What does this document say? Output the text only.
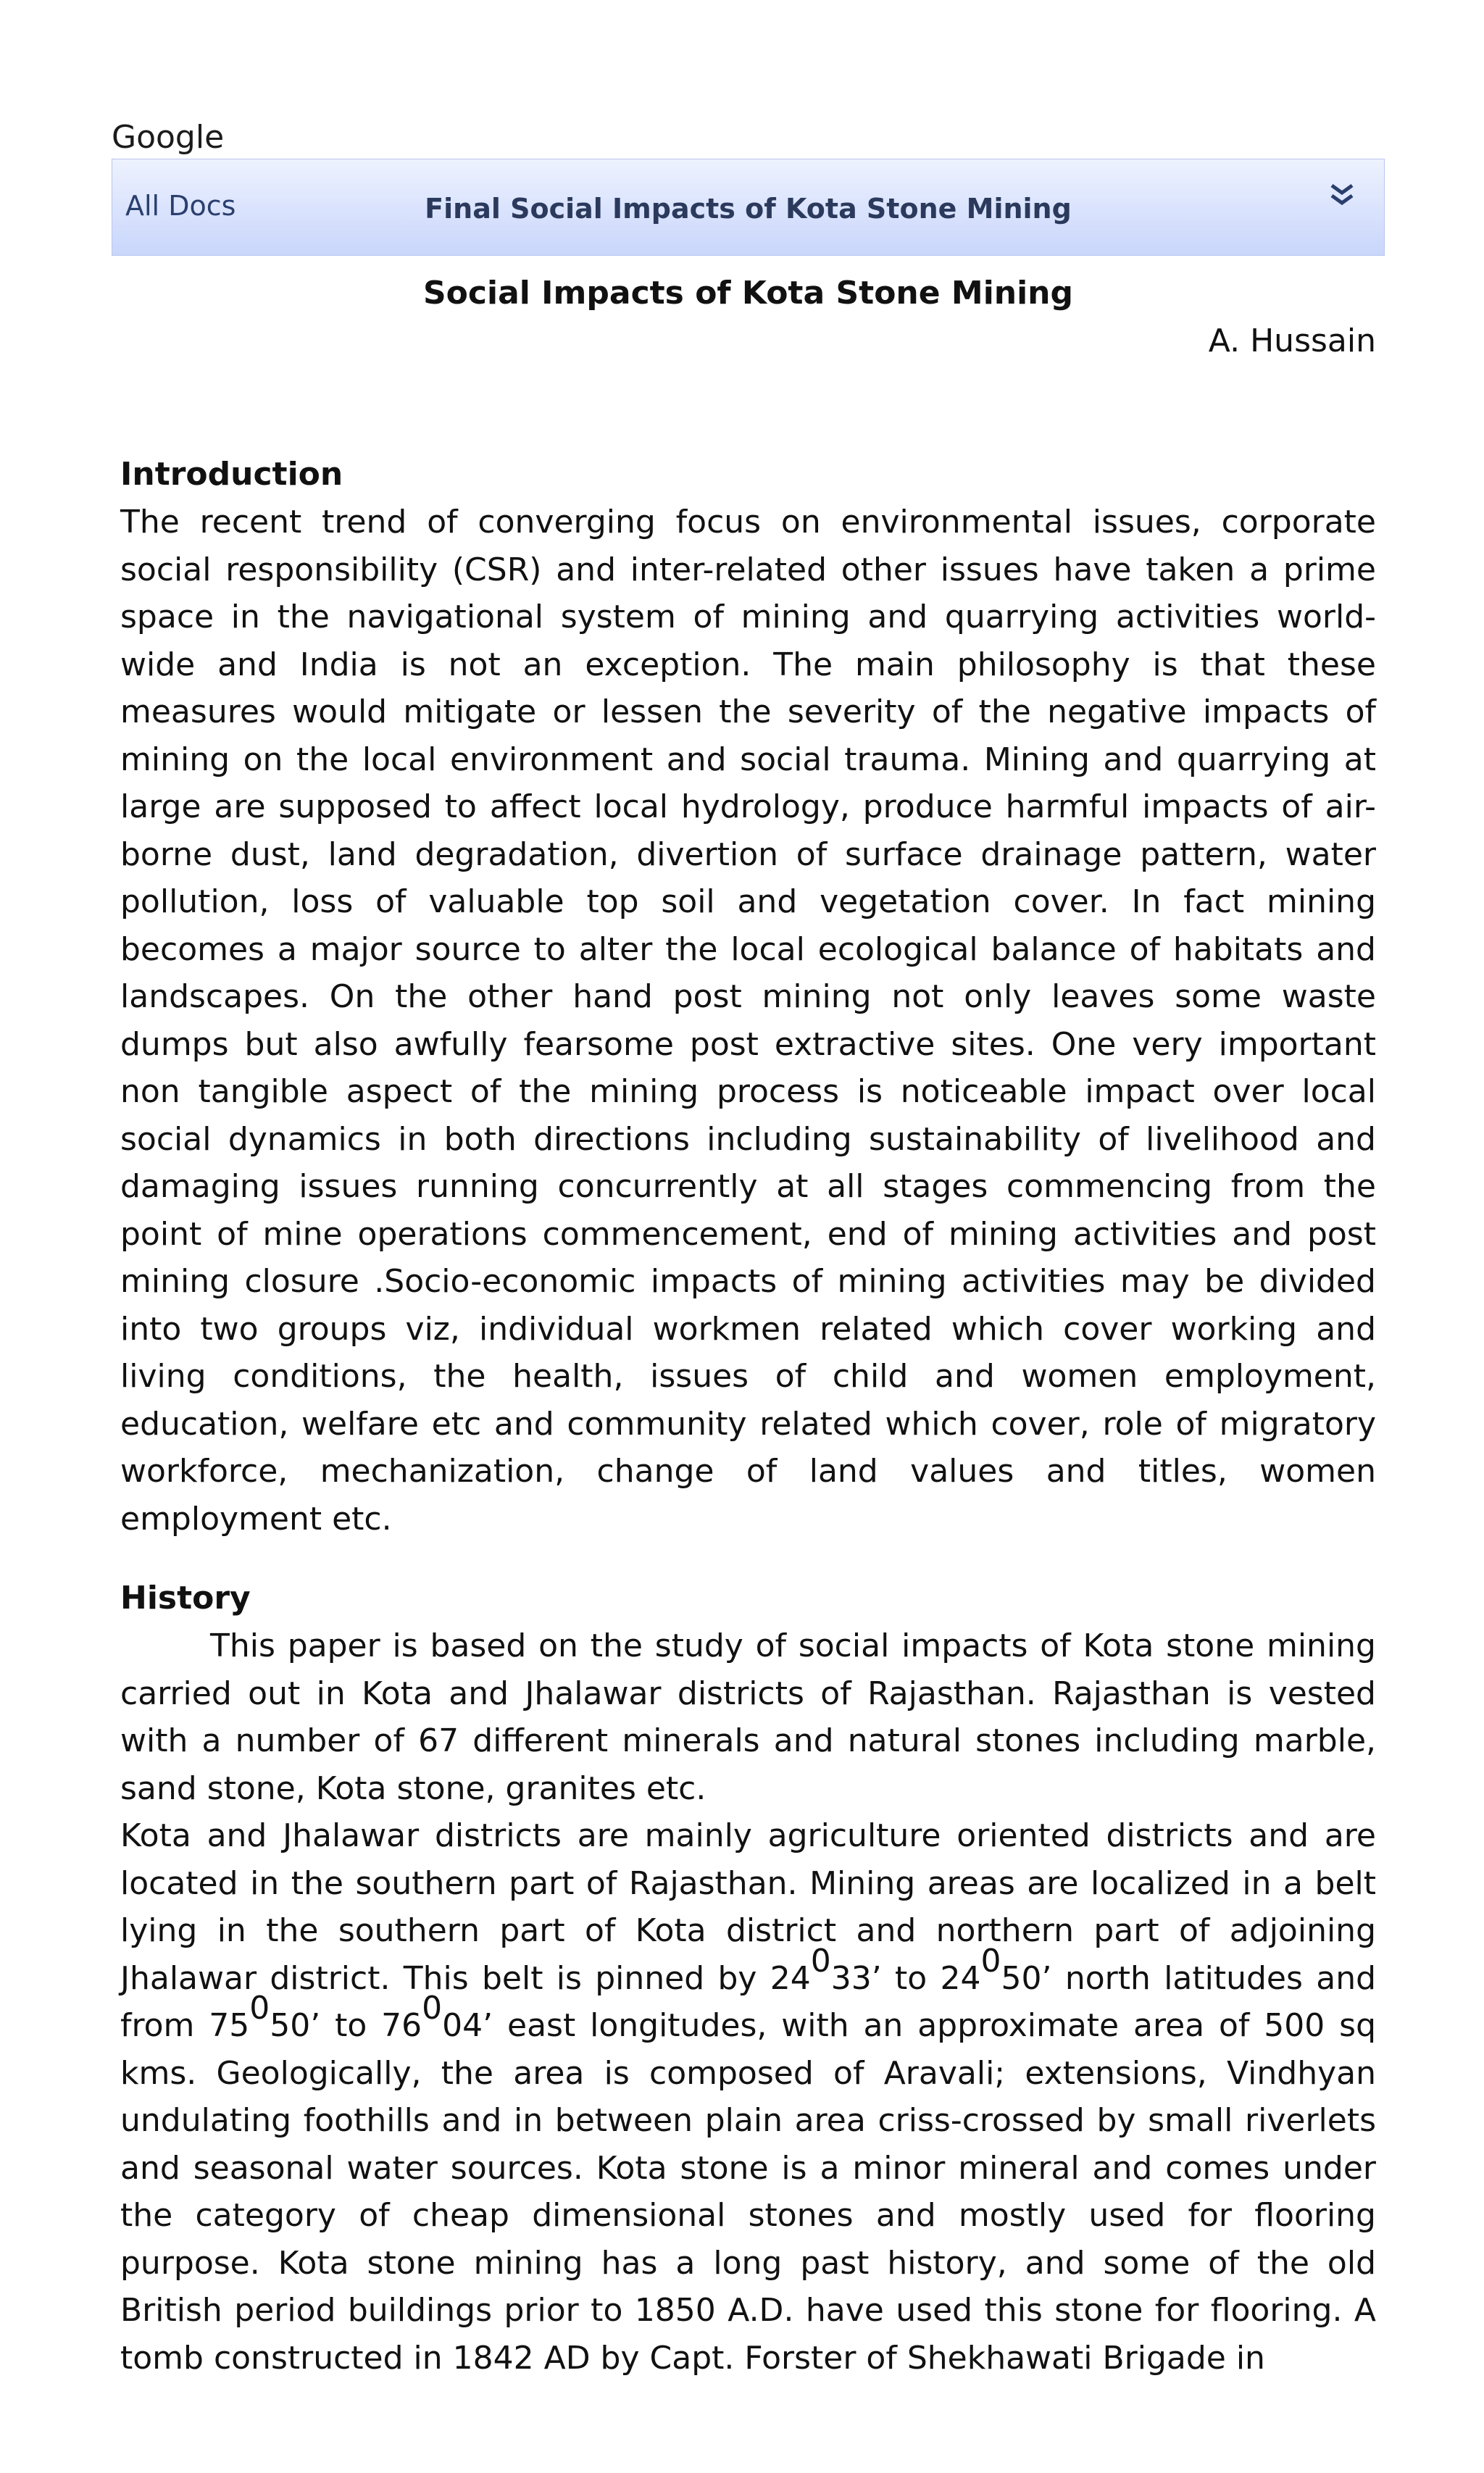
Google
All Docs	Final Social Impacts of Kota Stone Mining
Social Impacts of Kota Stone Mining
A. Hussain
Introduction

The recent trend of converging focus on environmental issues, corporate social responsibility (CSR) and inter-related other issues have taken a prime space in the navigational system of mining and quarrying activities world-wide and India is not an exception. The main philosophy is that these measures would mitigate or lessen the severity of the negative impacts of mining on the local environment and social trauma. Mining and quarrying at large are supposed to affect local hydrology, produce harmful impacts of air-borne dust, land degradation, divertion of surface drainage pattern, water pollution, loss of valuable top soil and vegetation cover. In fact mining becomes a major source to alter the local ecological balance of habitats and landscapes. On the other hand post mining not only leaves some waste dumps but also awfully fearsome post extractive sites. One very important non tangible aspect of the mining process is noticeable impact over local social dynamics in both directions including sustainability of livelihood and damaging issues running concurrently at all stages commencing from the point of mine operations commencement, end of mining activities and post mining closure .Socio-economic impacts of mining activities may be divided into two groups viz, individual workmen related which cover working and living conditions, the health, issues of child and women employment, education, welfare etc and community related which cover, role of migratory workforce, mechanization, change of land values and titles, women employment etc.

History

This paper is based on the study of social impacts of Kota stone mining carried out in Kota and Jhalawar districts of Rajasthan. Rajasthan is vested with a number of 67 different minerals and natural stones including marble, sand stone, Kota stone, granites etc.

Kota and Jhalawar districts are mainly agriculture oriented districts and are located in the southern part of Rajasthan. Mining areas are localized in a belt lying in the southern part of Kota district and northern part of adjoining Jhalawar district. This belt is pinned by $24^033$’ to $24^050$’ north latitudes and from $75^050$’ to $76^004$’ east longitudes, with an approximate area of 500 sq kms. Geologically, the area is composed of Aravali; extensions, Vindhyan undulating foothills and in between plain area criss-crossed by small riverlets and seasonal water sources. Kota stone is a minor mineral and comes under the category of cheap dimensional stones and mostly used for flooring purpose. Kota stone mining has a long past history, and some of the old British period buildings prior to 1850 A.D. have used this stone for flooring. A tomb constructed in 1842 AD by Capt. Forster of Shekhawati Brigade in
